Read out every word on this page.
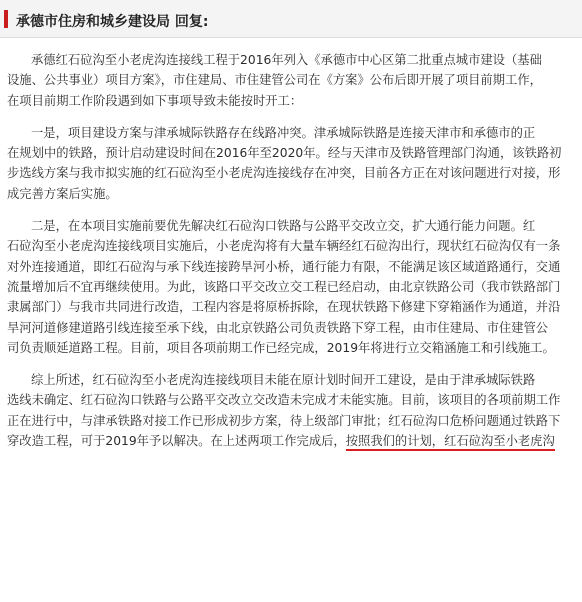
承德市住房和城乡建设局 回复:
承德红石砬沟至小老虎沟连接线工程于2016年列入《承德市中心区第二批重点城市建设（基础
设施、公共事业）项目方案》，市住建局、市住建管公司在《方案》公布后即开展了项目前期工作，
在项目前期工作阶段遇到如下事项导致未能按时开工：
一是，项目建设方案与津承城际铁路存在线路冲突。津承城际铁路是连接天津市和承德市的正
在规划中的铁路，预计启动建设时间在2016年至2020年。经与天津市及铁路管理部门沟通，该铁路初
步选线方案与我市拟实施的红石砬沟至小老虎沟连接线存在冲突，目前各方正在对该问题进行对接，形
成完善方案后实施。
二是，在本项目实施前要优先解决红石砬沟口铁路与公路平交改立交，扩大通行能力问题。红
石砬沟至小老虎沟连接线项目实施后，小老虎沟将有大量车辆经红石砬沟出行，现状红石砬沟仅有一条
对外连接通道，即红石砬沟与承下线连接跨旱河小桥，通行能力有限，不能满足该区域道路通行，交通
流量增加后不宜再继续使用。为此，该路口平交改立交工程已经启动，由北京铁路公司（我市铁路部门
隶属部门）与我市共同进行改造，工程内容是将原桥拆除，在现状铁路下修建下穿箱涵作为通道，并沿
旱河河道修建道路引线连接至承下线，由北京铁路公司负责铁路下穿工程，由市住建局、市住建管公
司负责顺延道路工程。目前，项目各项前期工作已经完成，2019年将进行立交箱涵施工和引线施工。
综上所述，红石砬沟至小老虎沟连接线项目未能在原计划时间开工建设，是由于津承城际铁路
选线未确定、红石砬沟口铁路与公路平交改立交改造未完成才未能实施。目前，该项目的各项前期工作
正在进行中，与津承铁路对接工作已形成初步方案，待上级部门审批；红石砬沟口危桥问题通过铁路下
穿改造工程，可于2019年予以解决。在上述两项工作完成后，按照我们的计划，红石砬沟至小老虎沟
